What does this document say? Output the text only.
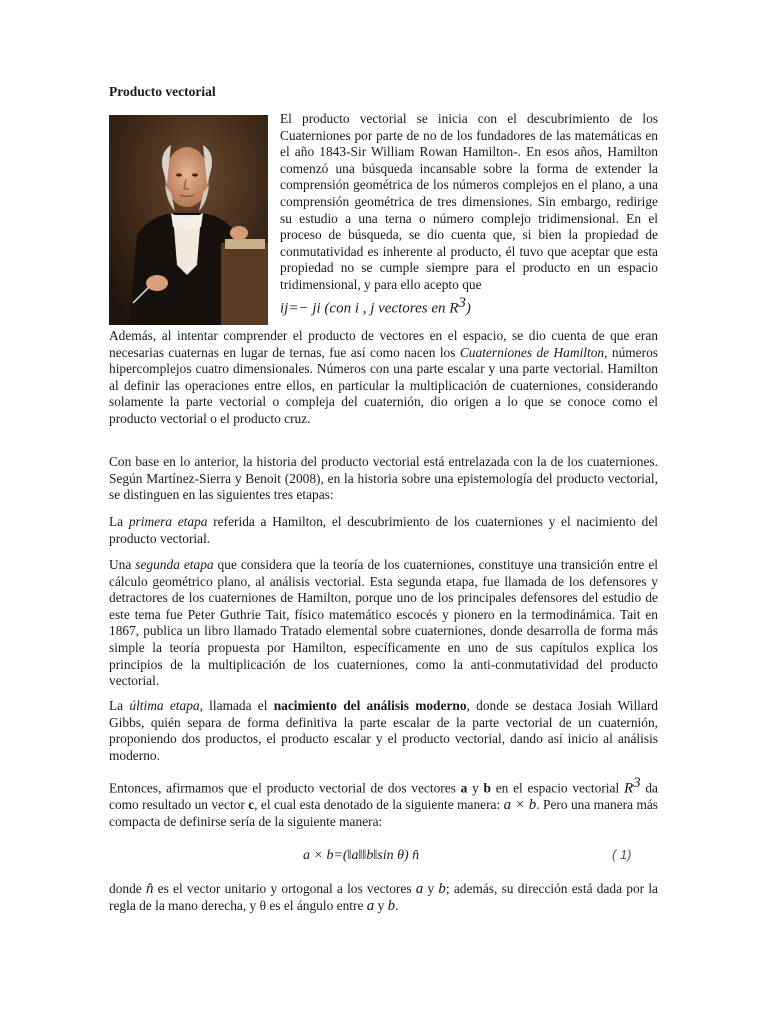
Producto vectorial

El producto vectorial se inicia con el descubrimiento de los Cuaterniones por parte de no de los fundadores de las matemáticas en el año 1843-Sir William Rowan Hamilton-. En esos años, Hamilton comenzó una búsqueda incansable sobre la forma de extender la comprensión geométrica de los números complejos en el plano, a una comprensión geométrica de tres dimensiones. Sin embargo, redirige su estudio a una terna o número complejo tridimensional. En el proceso de búsqueda, se dio cuenta que, si bien la propiedad de conmutatividad es inherente al producto, él tuvo que aceptar que esta propiedad no se cumple siempre para el producto en un espacio tridimensional, y para ello acepto que

ij=− ji (con i , j vectores en $R^3$)

Además, al intentar comprender el producto de vectores en el espacio, se dio cuenta de que eran necesarias cuaternas en lugar de ternas, fue así como nacen los Cuaterniones de Hamilton, números hipercomplejos cuatro dimensionales. Números con una parte escalar y una parte vectorial. Hamilton al definir las operaciones entre ellos, en particular la multiplicación de cuaterniones, considerando solamente la parte vectorial o compleja del cuaternión, dio origen a lo que se conoce como el producto vectorial o el producto cruz.

Con base en lo anterior, la historia del producto vectorial está entrelazada con la de los cuaterniones. Según Martínez-Sierra y Benoit (2008), en la historia sobre una epistemología del producto vectorial, se distinguen en las siguientes tres etapas:

La primera etapa referida a Hamilton, el descubrimiento de los cuaterniones y el nacimiento del producto vectorial.

Una segunda etapa que considera que la teoría de los cuaterniones, constituye una transición entre el cálculo geométrico plano, al análisis vectorial. Esta segunda etapa, fue llamada de los defensores y detractores de los cuaterniones de Hamilton, porque uno de los principales defensores del estudio de este tema fue Peter Guthrie Tait, físico matemático escocés y pionero en la termodinámica. Tait en 1867, publica un libro llamado Tratado elemental sobre cuaterniones, donde desarrolla de forma más simple la teoría propuesta por Hamilton, específicamente en uno de sus capítulos explica los principios de la multiplicación de los cuaterniones, como la anti-conmutatividad del producto vectorial.

La última etapa, llamada el nacimiento del análisis moderno, donde se destaca Josiah Willard Gibbs, quién separa de forma definitiva la parte escalar de la parte vectorial de un cuaternión, proponiendo dos productos, el producto escalar y el producto vectorial, dando así inicio al análisis moderno.

Entonces, afirmamos que el producto vectorial de dos vectores a y b en el espacio vectorial $R^3$ da como resultado un vector c, el cual esta denotado de la siguiente manera: a × b. Pero una manera más compacta de definirse sería de la siguiente manera:

a × b=(‖a‖‖b‖sin θ) n̂	( 1)

donde n̂ es el vector unitario y ortogonal a los vectores a y b; además, su dirección está dada por la regla de la mano derecha, y θ es el ángulo entre a y b.
